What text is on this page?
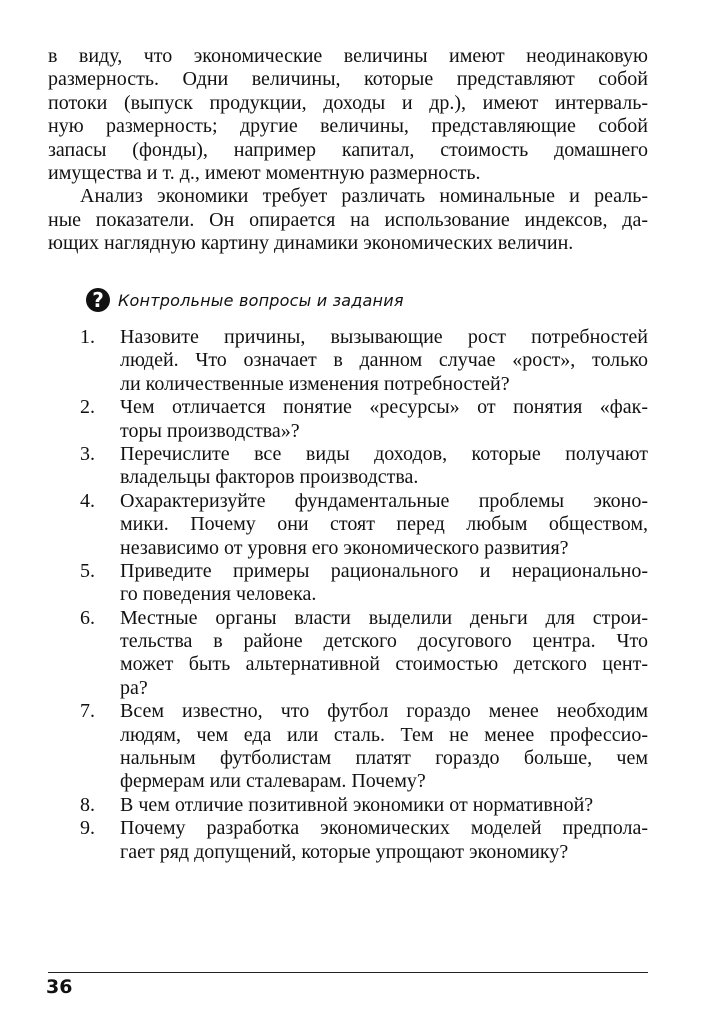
в виду, что экономические величины имеют неодинаковую
размерность. Одни величины, которые представляют собой
потоки (выпуск продукции, доходы и др.), имеют интерваль-
ную размерность; другие величины, представляющие собой
запасы (фонды), например капитал, стоимость домашнего
имущества и т. д., имеют моментную размерность.
Анализ экономики требует различать номинальные и реаль-
ные показатели. Он опирается на использование индексов, да-
ющих наглядную картину динамики экономических величин.
? Контрольные вопросы и задания
1.	Назовите причины, вызывающие рост потребностей
людей. Что означает в данном случае «рост», только
ли количественные изменения потребностей?
2.	Чем отличается понятие «ресурсы» от понятия «фак-
торы производства»?
3.	Перечислите все виды доходов, которые получают
владельцы факторов производства.
4.	Охарактеризуйте фундаментальные проблемы эконо-
мики. Почему они стоят перед любым обществом,
независимо от уровня его экономического развития?
5.	Приведите примеры рационального и нерационально-
го поведения человека.
6.	Местные органы власти выделили деньги для строи-
тельства в районе детского досугового центра. Что
может быть альтернативной стоимостью детского цент-
ра?
7.	Всем известно, что футбол гораздо менее необходим
людям, чем еда или сталь. Тем не менее профессио-
нальным футболистам платят гораздо больше, чем
фермерам или сталеварам. Почему?
8.	В чем отличие позитивной экономики от нормативной?
9.	Почему разработка экономических моделей предпола-
гает ряд допущений, которые упрощают экономику?
36
